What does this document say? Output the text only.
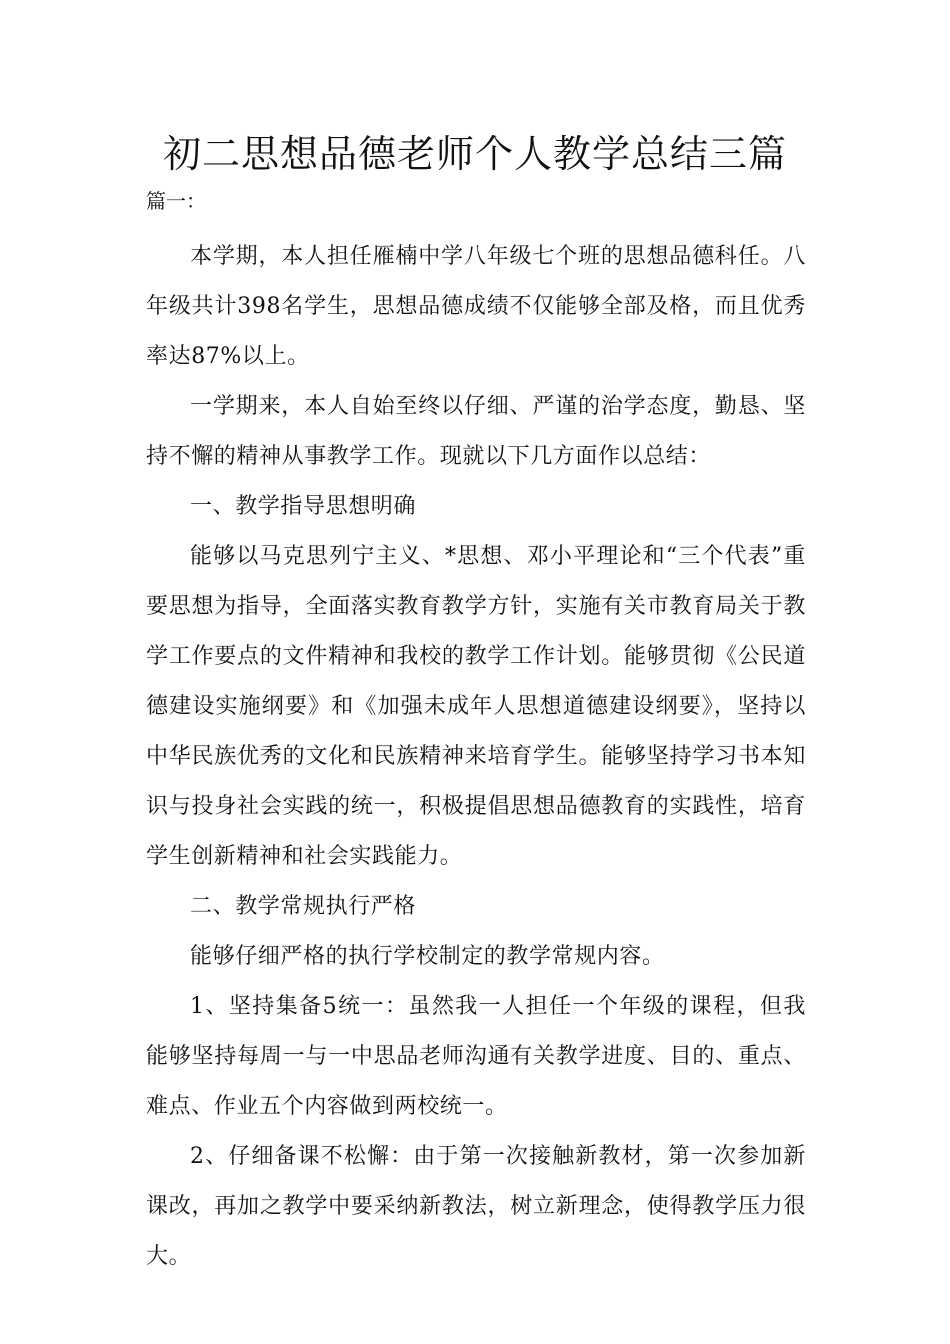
初二思想品德老师个人教学总结三篇

篇一：

本学期，本人担任雁楠中学八年级七个班的思想品德科任。八年级共计398名学生，思想品德成绩不仅能够全部及格，而且优秀率达87%以上。

一学期来，本人自始至终以仔细、严谨的治学态度，勤恳、坚持不懈的精神从事教学工作。现就以下几方面作以总结：

一、教学指导思想明确

能够以马克思列宁主义、*思想、邓小平理论和“三个代表”重要思想为指导，全面落实教育教学方针，实施有关市教育局关于教学工作要点的文件精神和我校的教学工作计划。能够贯彻《公民道德建设实施纲要》和《加强未成年人思想道德建设纲要》，坚持以中华民族优秀的文化和民族精神来培育学生。能够坚持学习书本知识与投身社会实践的统一，积极提倡思想品德教育的实践性，培育学生创新精神和社会实践能力。

二、教学常规执行严格

能够仔细严格的执行学校制定的教学常规内容。

1、坚持集备5统一：虽然我一人担任一个年级的课程，但我能够坚持每周一与一中思品老师沟通有关教学进度、目的、重点、难点、作业五个内容做到两校统一。

2、仔细备课不松懈：由于第一次接触新教材，第一次参加新课改，再加之教学中要采纳新教法，树立新理念，使得教学压力很大。
